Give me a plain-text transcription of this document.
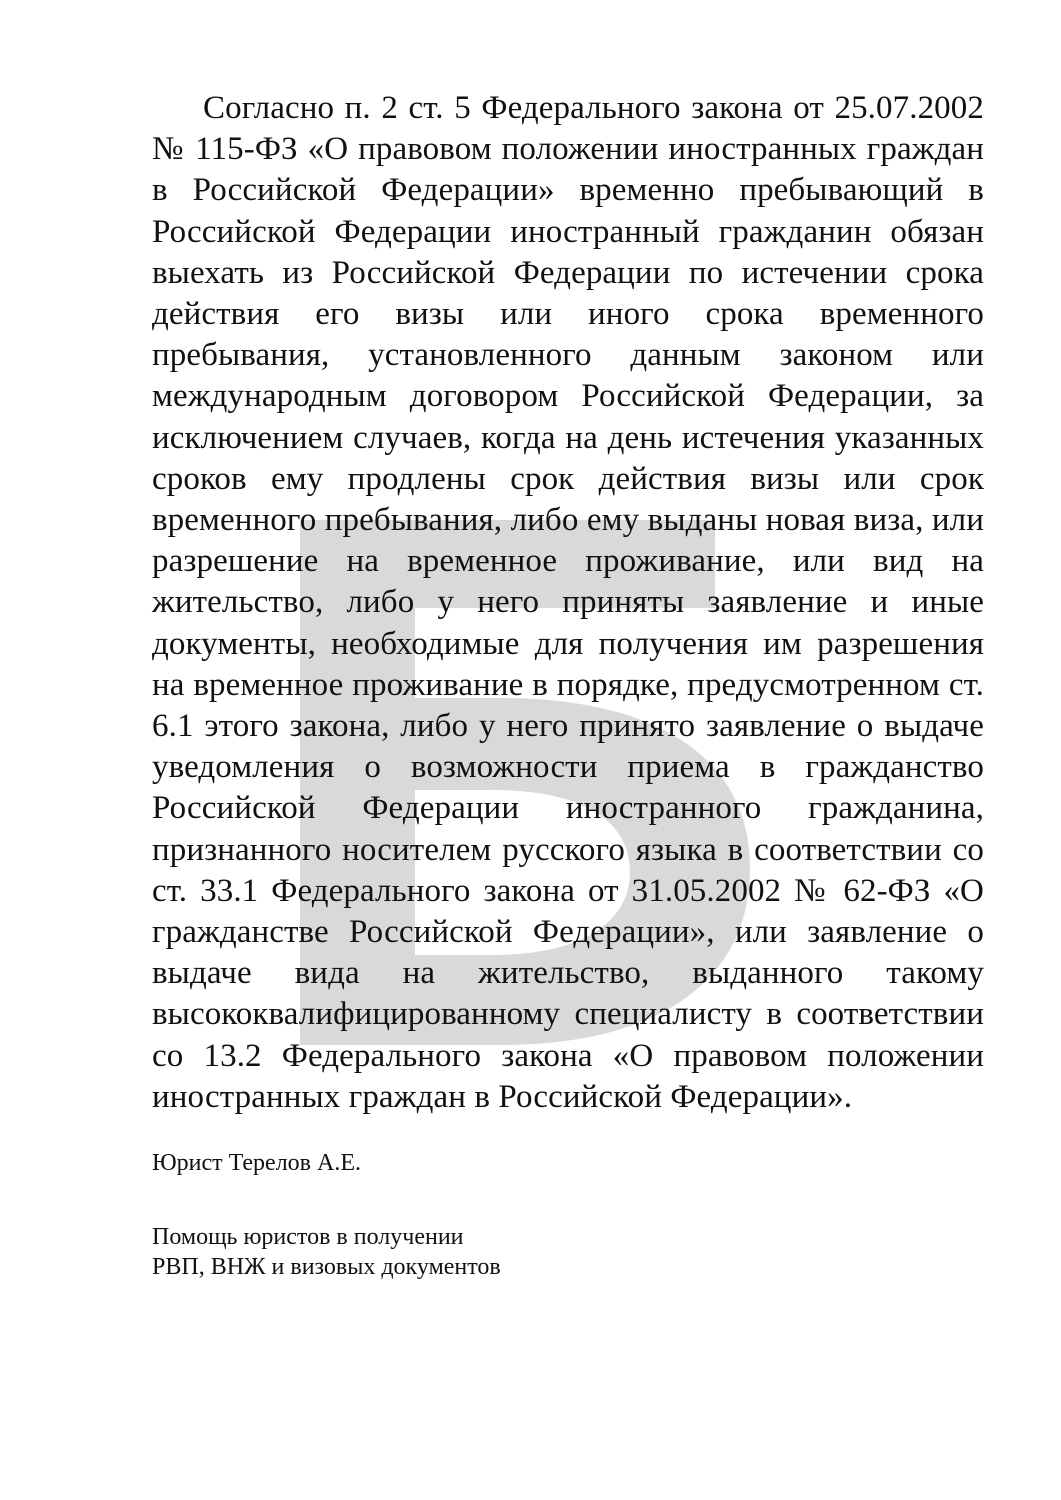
Согласно п. 2 ст. 5 Федерального закона от 25.07.2002 № 115-ФЗ «О правовом положении иностранных граждан в Российской Федерации» временно пребывающий в Российской Федерации иностранный гражданин обязан выехать из Российской Федерации по истечении срока действия его визы или иного срока временного пребывания, установленного данным законом или международным договором Российской Федерации, за исключением случаев, когда на день истечения указанных сроков ему продлены срок действия визы или срок временного пребывания, либо ему выданы новая виза, или разрешение на временное проживание, или вид на жительство, либо у него приняты заявление и иные документы, необходимые для получения им разрешения на временное проживание в порядке, предусмотренном ст. 6.1 этого закона, либо у него принято заявление о выдаче уведомления о возможности приема в гражданство Российской Федерации иностранного гражданина, признанного носителем русского языка в соответствии со ст. 33.1 Федерального закона от 31.05.2002 № 62-ФЗ «О гражданстве Российской Федерации», или заявление о выдаче вида на жительство, выданного такому высококвалифицированному специалисту в соответствии со 13.2 Федерального закона «О правовом положении иностранных граждан в Российской Федерации».

Юрист Терелов А.Е.

Помощь юристов в получении
РВП, ВНЖ и визовых документов
